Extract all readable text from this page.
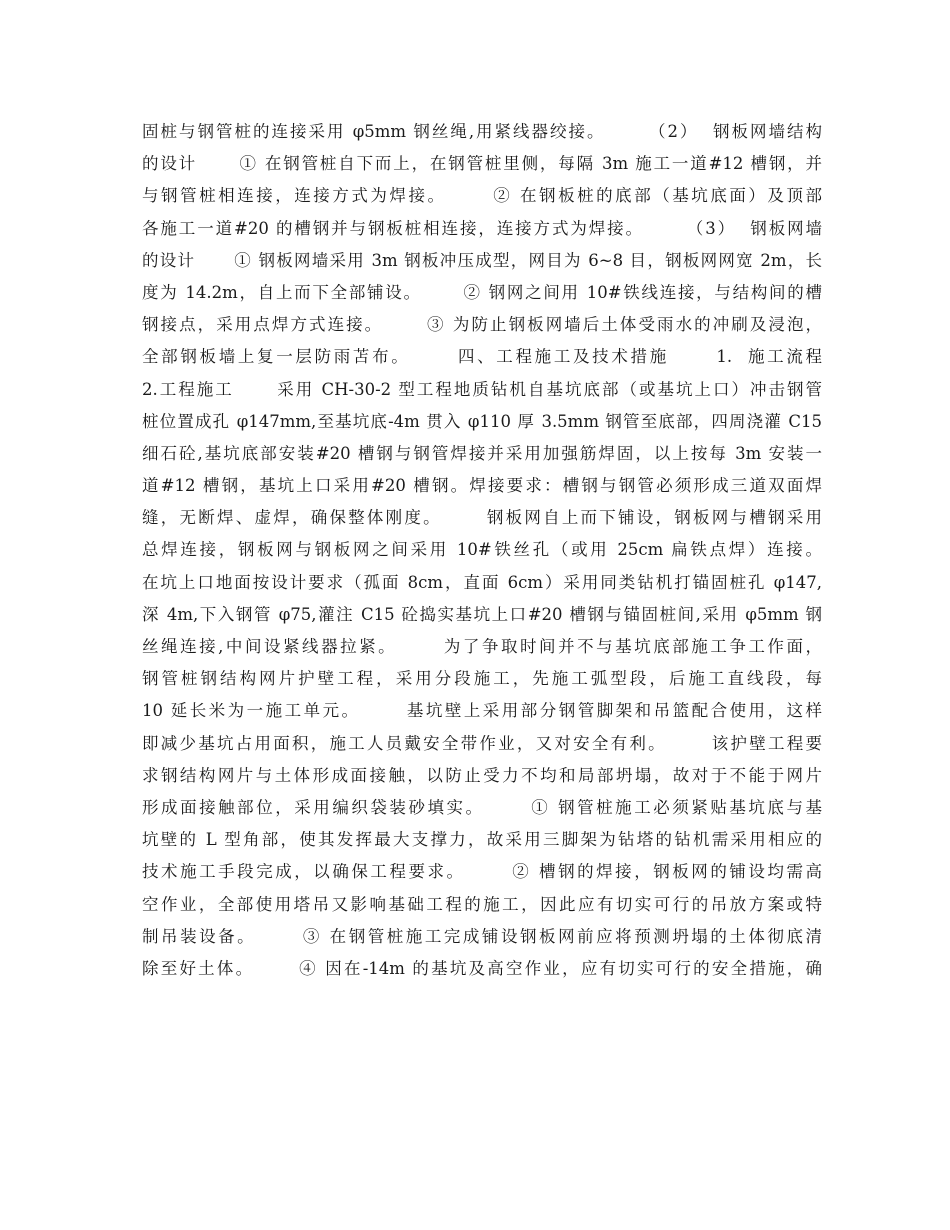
固桩与钢管桩的连接采用 φ5mm 钢丝绳,用紧线器绞接。      （2）  钢板网墙结构
的设计      ① 在钢管桩自下而上，在钢管桩里侧，每隔 3m 施工一道#12 槽钢，并
与钢管桩相连接，连接方式为焊接。      ② 在钢板桩的底部（基坑底面）及顶部
各施工一道#20 的槽钢并与钢板桩相连接，连接方式为焊接。      （3）  钢板网墙
的设计      ① 钢板网墙采用 3m 钢板冲压成型，网目为 6~8 目，钢板网网宽 2m，长
度为 14.2m，自上而下全部铺设。      ② 钢网之间用 10#铁线连接，与结构间的槽
钢接点，采用点焊方式连接。      ③ 为防止钢板网墙后土体受雨水的冲刷及浸泡，
全部钢板墙上复一层防雨苫布。      四、工程施工及技术措施      1.  施工流程
2.工程施工      采用 CH-30-2 型工程地质钻机自基坑底部（或基坑上口）冲击钢管
桩位置成孔 φ147mm,至基坑底-4m 贯入 φ110 厚 3.5mm 钢管至底部，四周浇灌 C15
细石砼,基坑底部安装#20 槽钢与钢管焊接并采用加强筋焊固，以上按每 3m 安装一
道#12 槽钢，基坑上口采用#20 槽钢。焊接要求：槽钢与钢管必须形成三道双面焊
缝，无断焊、虚焊，确保整体刚度。      钢板网自上而下铺设，钢板网与槽钢采用
总焊连接，钢板网与钢板网之间采用 10#铁丝孔（或用 25cm 扁铁点焊）连接。
在坑上口地面按设计要求（孤面 8cm，直面 6cm）采用同类钻机打锚固桩孔 φ147,
深 4m,下入钢管 φ75,灌注 C15 砼捣实基坑上口#20 槽钢与锚固桩间,采用 φ5mm 钢
丝绳连接,中间设紧线器拉紧。      为了争取时间并不与基坑底部施工争工作面，
钢管桩钢结构网片护壁工程，采用分段施工，先施工弧型段，后施工直线段，每
10 延长米为一施工单元。      基坑壁上采用部分钢管脚架和吊篮配合使用，这样
即减少基坑占用面积，施工人员戴安全带作业，又对安全有利。      该护壁工程要
求钢结构网片与土体形成面接触，以防止受力不均和局部坍塌，故对于不能于网片
形成面接触部位，采用编织袋装砂填实。      ① 钢管桩施工必须紧贴基坑底与基
坑壁的 L 型角部，使其发挥最大支撑力，故采用三脚架为钻塔的钻机需采用相应的
技术施工手段完成，以确保工程要求。      ② 槽钢的焊接，钢板网的铺设均需高
空作业，全部使用塔吊又影响基础工程的施工，因此应有切实可行的吊放方案或特
制吊装设备。      ③ 在钢管桩施工完成铺设钢板网前应将预测坍塌的土体彻底清
除至好土体。      ④ 因在-14m 的基坑及高空作业，应有切实可行的安全措施，确
